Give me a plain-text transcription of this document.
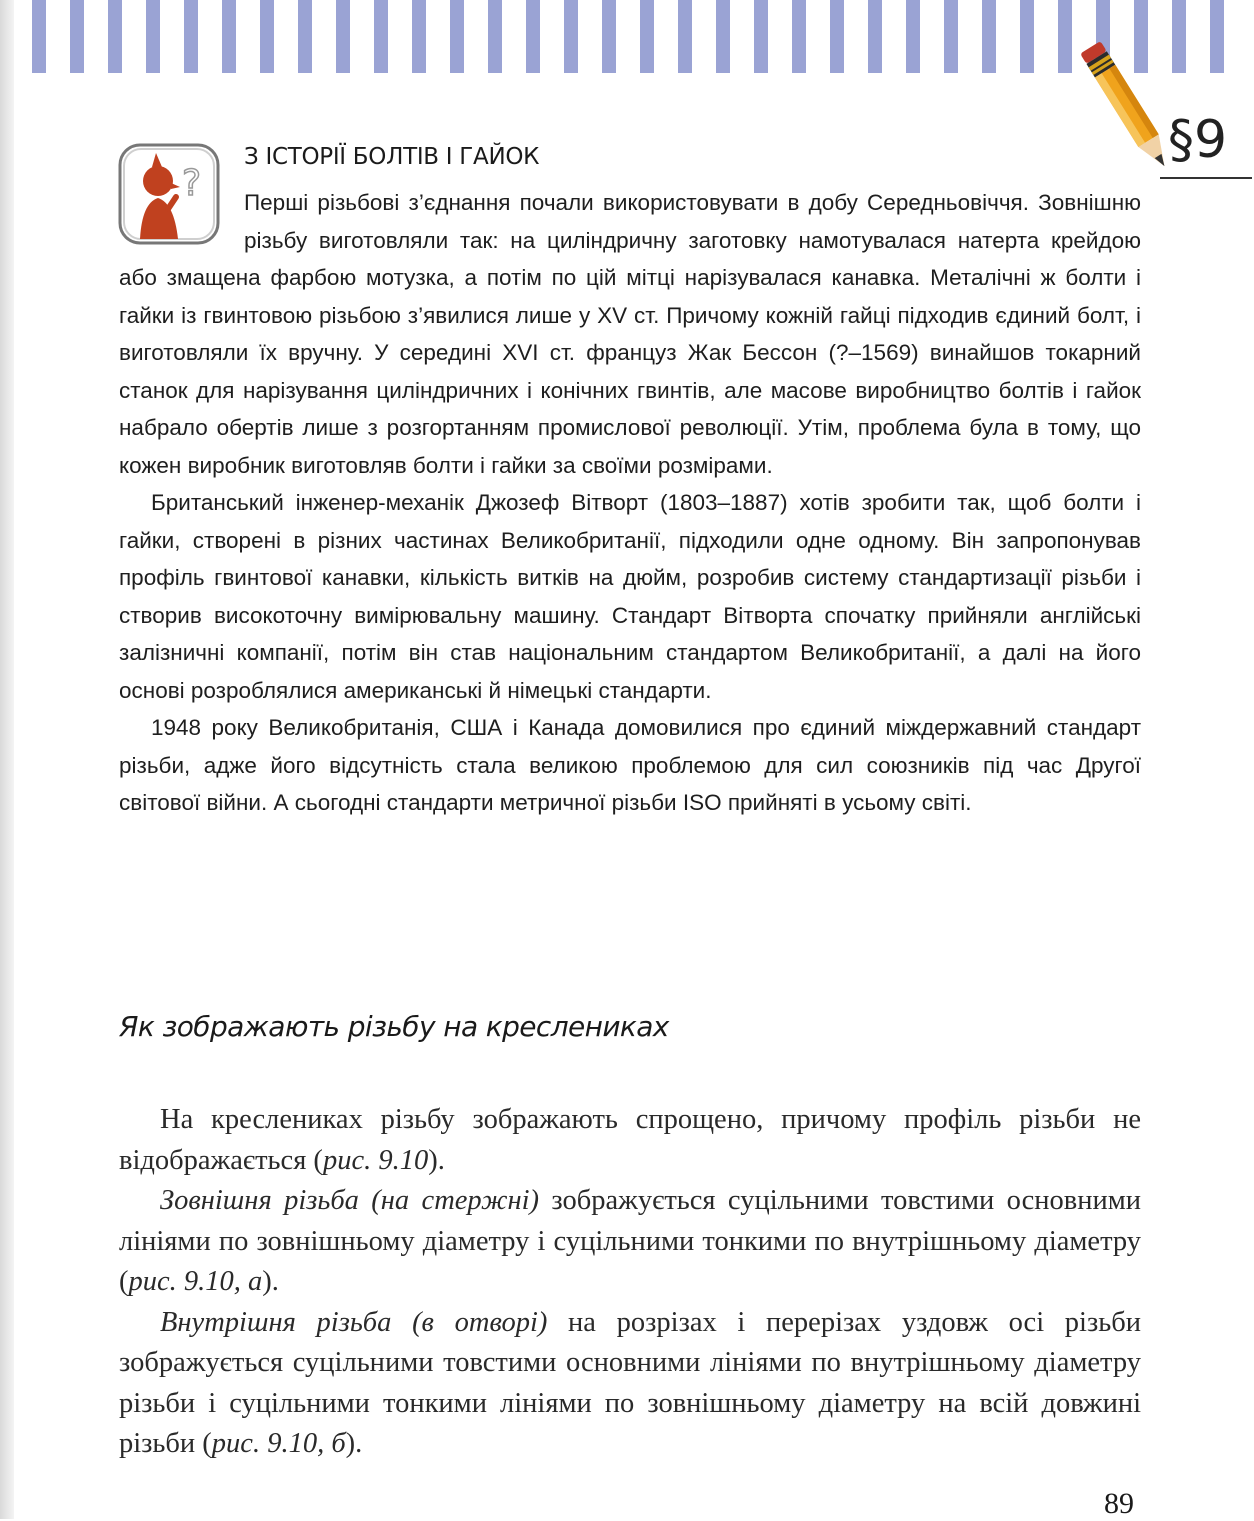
§9
?
З ІСТОРІЇ БОЛТІВ І ГАЙОК

Перші різьбові з’єднання почали використовувати в добу Середньовіччя. Зовнішню різьбу виготовляли так: на циліндричну заготовку намотувалася натерта крейдою або змащена фарбою мотузка, а потім по цій мітці нарізувалася канавка. Металічні ж болти і гайки із гвинтовою різьбою з’явилися лише у XV ст. Причому кожній гайці підходив єдиний болт, і виготовляли їх вручну. У середині XVI ст. француз Жак Бессон (?–1569) винайшов токарний станок для нарізування циліндричних і конічних гвинтів, але масове виробництво болтів і гайок набрало обертів лише з розгортанням промислової революції. Утім, проблема була в тому, що кожен виробник виготовляв болти і гайки за своїми розмірами.

Британський інженер-механік Джозеф Вітворт (1803–1887) хотів зробити так, щоб болти і гайки, створені в різних частинах Великобританії, підходили одне одному. Він запропонував профіль гвинтової канавки, кількість витків на дюйм, розробив систему стандартизації різьби і створив високоточну вимірювальну машину. Стандарт Вітворта спочатку прийняли англійські залізничні компанії, потім він став національним стандартом Великобританії, а далі на його основі розроблялися американські й німецькі стандарти.

1948 року Великобританія, США і Канада домовилися про єдиний міждержавний стандарт різьби, адже його відсутність стала великою проблемою для сил союзників під час Другої світової війни. А сьогодні стандарти метричної різьби ISO прийняті в усьому світі.

Як зображають різьбу на крeслениках

На креслениках різьбу зображають спрощено, причому профіль різьби не відображається (рис. 9.10).

Зовнішня різьба (на стержні) зображується суцільними товстими основними лініями по зовнішньому діаметру і суцільними тонкими по внутрішньому діаметру (рис. 9.10, а).

Внутрішня різьба (в отворі) на розрізах і перерізах уздовж осі різьби зображується суцільними товстими основними лініями по внутрішньому діаметру різьби і суцільними тонкими лініями по зовнішньому діаметру на всій довжині різьби (рис. 9.10, б).

89
